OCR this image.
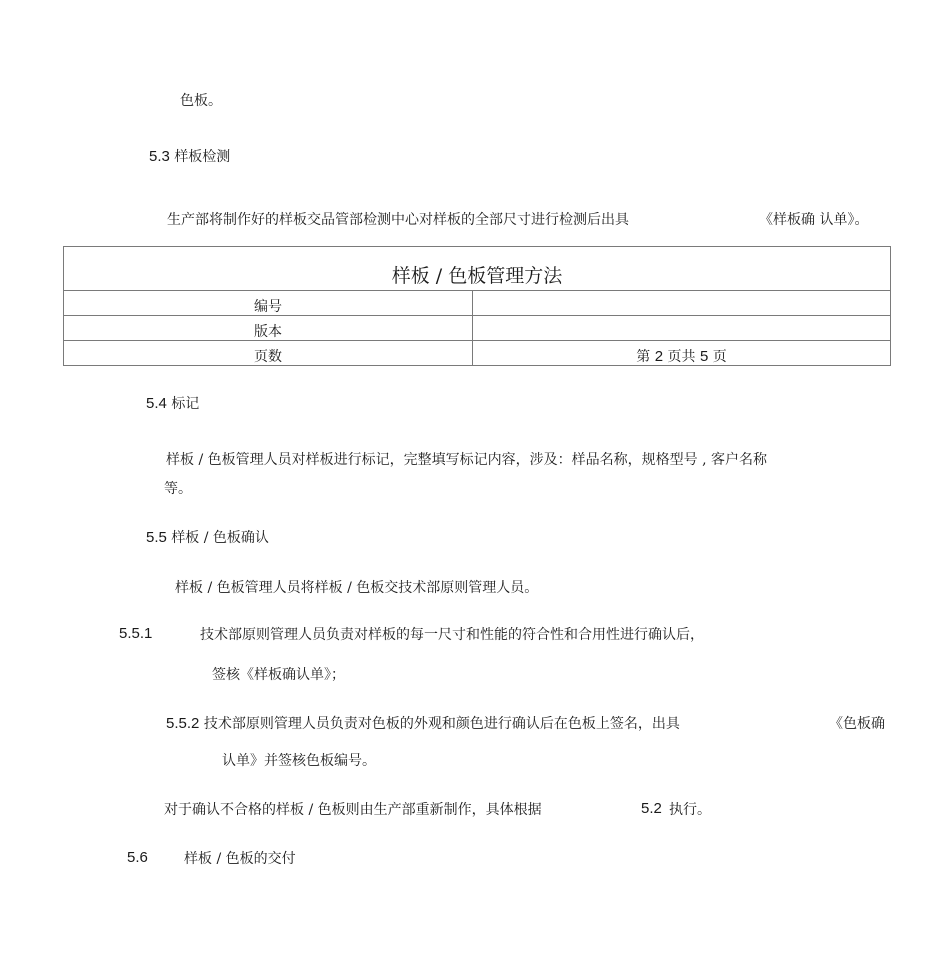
色板。
5.3 样板检测
生产部将制作好的样板交品管部检测中心对样板的全部尺寸进行检测后出具	《样板确 认单》。
样板 / 色板管理方法
编号
版本
页数	第 2 页共 5 页
5.4 标记
样板 / 色板管理人员对样板进行标记，完整填写标记内容，涉及：样品名称，规格型号 , 客户名称
等。
5.5 样板 / 色板确认
样板 / 色板管理人员将样板 / 色板交技术部原则管理人员。
5.5.1	技术部原则管理人员负责对样板的每一尺寸和性能的符合性和合用性进行确认后，
签核《样板确认单》；
5.5.2 技术部原则管理人员负责对色板的外观和颜色进行确认后在色板上签名，出具	《色板确
认单》并签核色板编号。
对于确认不合格的样板 / 色板则由生产部重新制作，具体根据	5.2 执行。
5.6	样板 / 色板的交付
